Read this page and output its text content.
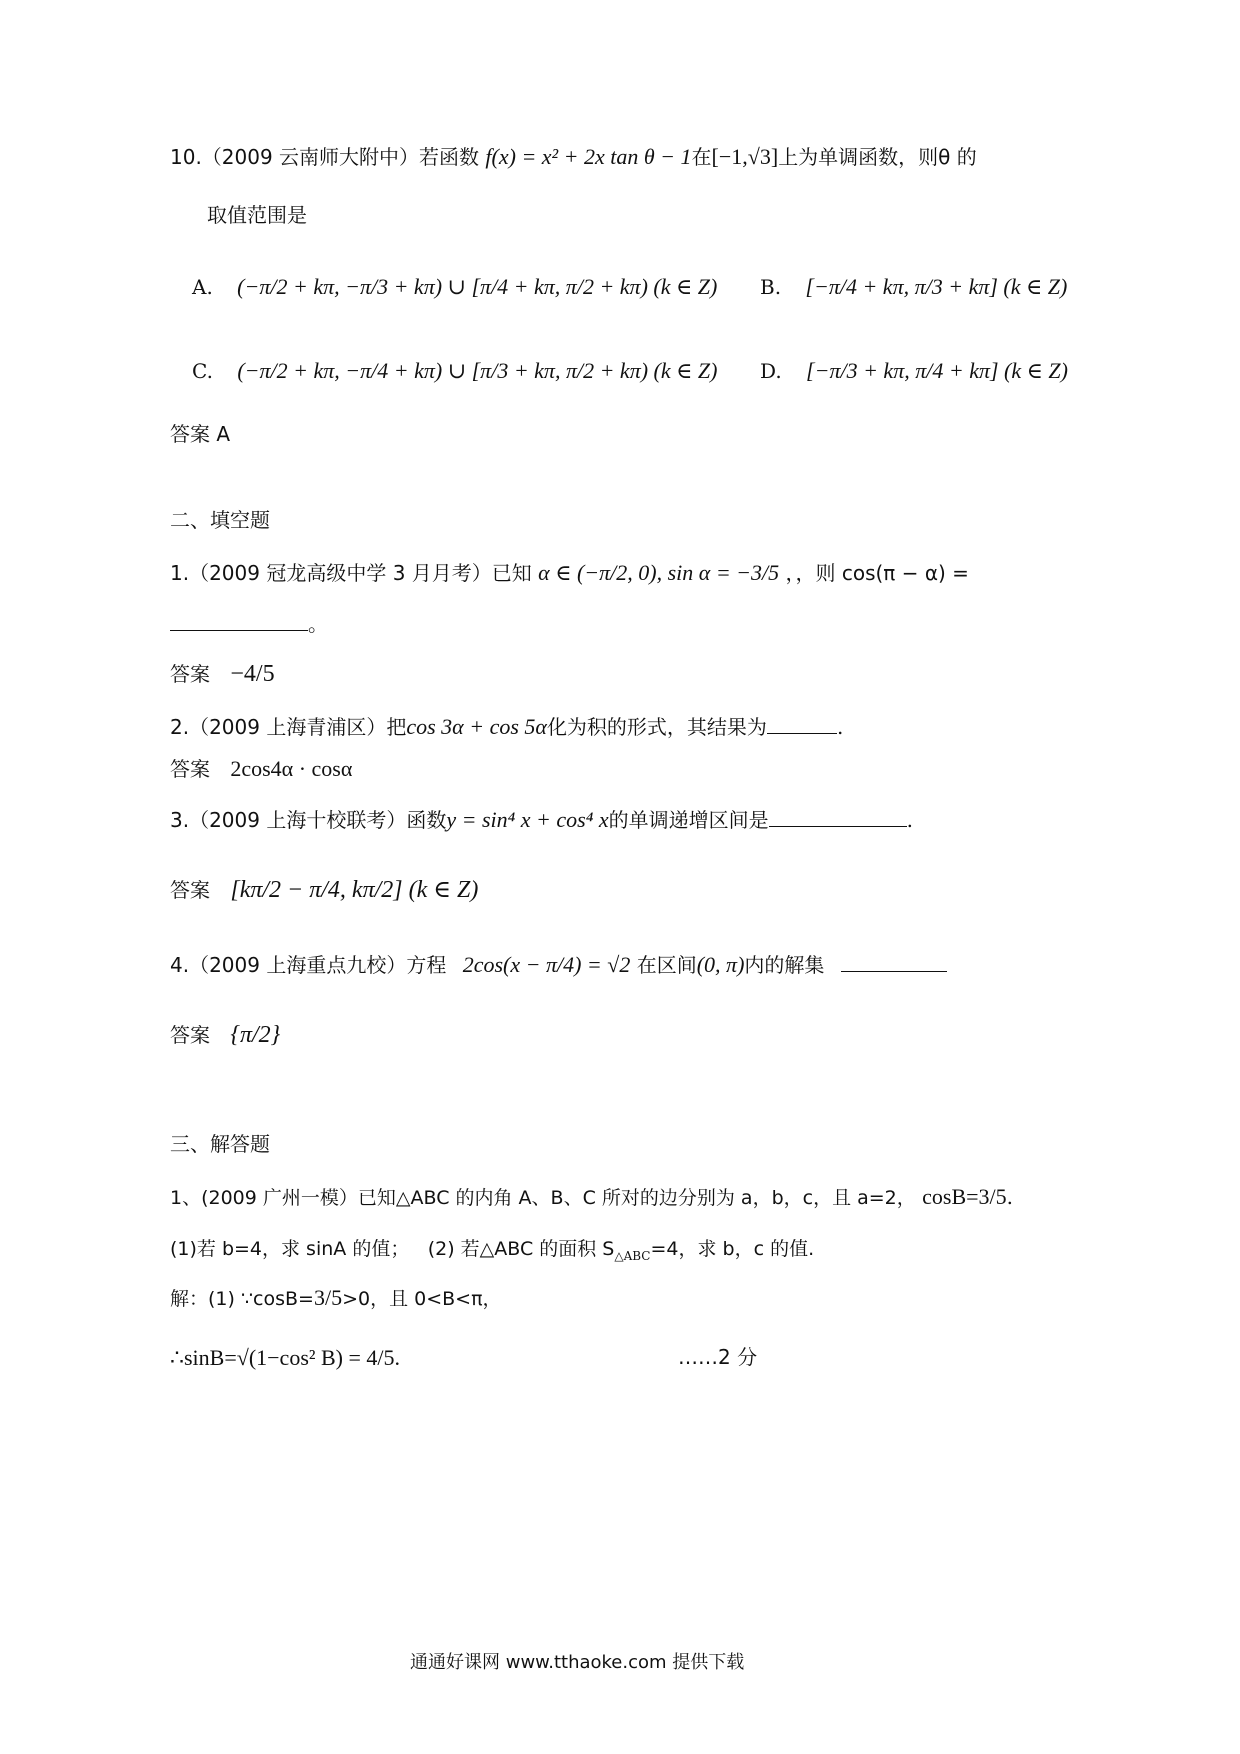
10.（2009 云南师大附中）若函数 f(x) = x² + 2x tan θ − 1在[−1,√3]上为单调函数，则θ 的
取值范围是
A. (−π/2 + kπ, −π/3 + kπ) ∪ [π/4 + kπ, π/2 + kπ) (k ∈ Z) B. [−π/4 + kπ, π/3 + kπ] (k ∈ Z)
C. (−π/2 + kπ, −π/4 + kπ) ∪ [π/3 + kπ, π/2 + kπ) (k ∈ Z) D. [−π/3 + kπ, π/4 + kπ] (k ∈ Z)
答案 A
二、填空题
1.（2009 冠龙高级中学 3 月月考）已知 α ∈ (−π/2, 0), sin α = −3/5 ，，则 cos(π − α) =
。
答案 −4/5
2.（2009 上海青浦区）把cos 3α + cos 5α化为积的形式，其结果为	.
答案 2cos4α · cosα
3.（2009 上海十校联考）函数y = sin⁴ x + cos⁴ x的单调递增区间是	.
答案 [kπ/2 − π/4, kπ/2] (k ∈ Z)
4.（2009 上海重点九校）方程 2cos(x − π/4) = √2 在区间(0, π)内的解集
答案 {π/2}
三、解答题
1、(2009 广州一模）已知△ABC 的内角 A、B、C 所对的边分别为 a，b，c，且 a=2， cosB=3/5.
(1)若 b=4，求 sinA 的值； (2) 若△ABC 的面积 $S_{\triangle ABC}=4$，求 b，c 的值.
解：(1) ∵cosB=3/5>0，且 0<B<π，
∴sinB=√(1−cos² B) = 4/5.	……2 分
通通好课网 www.tthaoke.com 提供下载
